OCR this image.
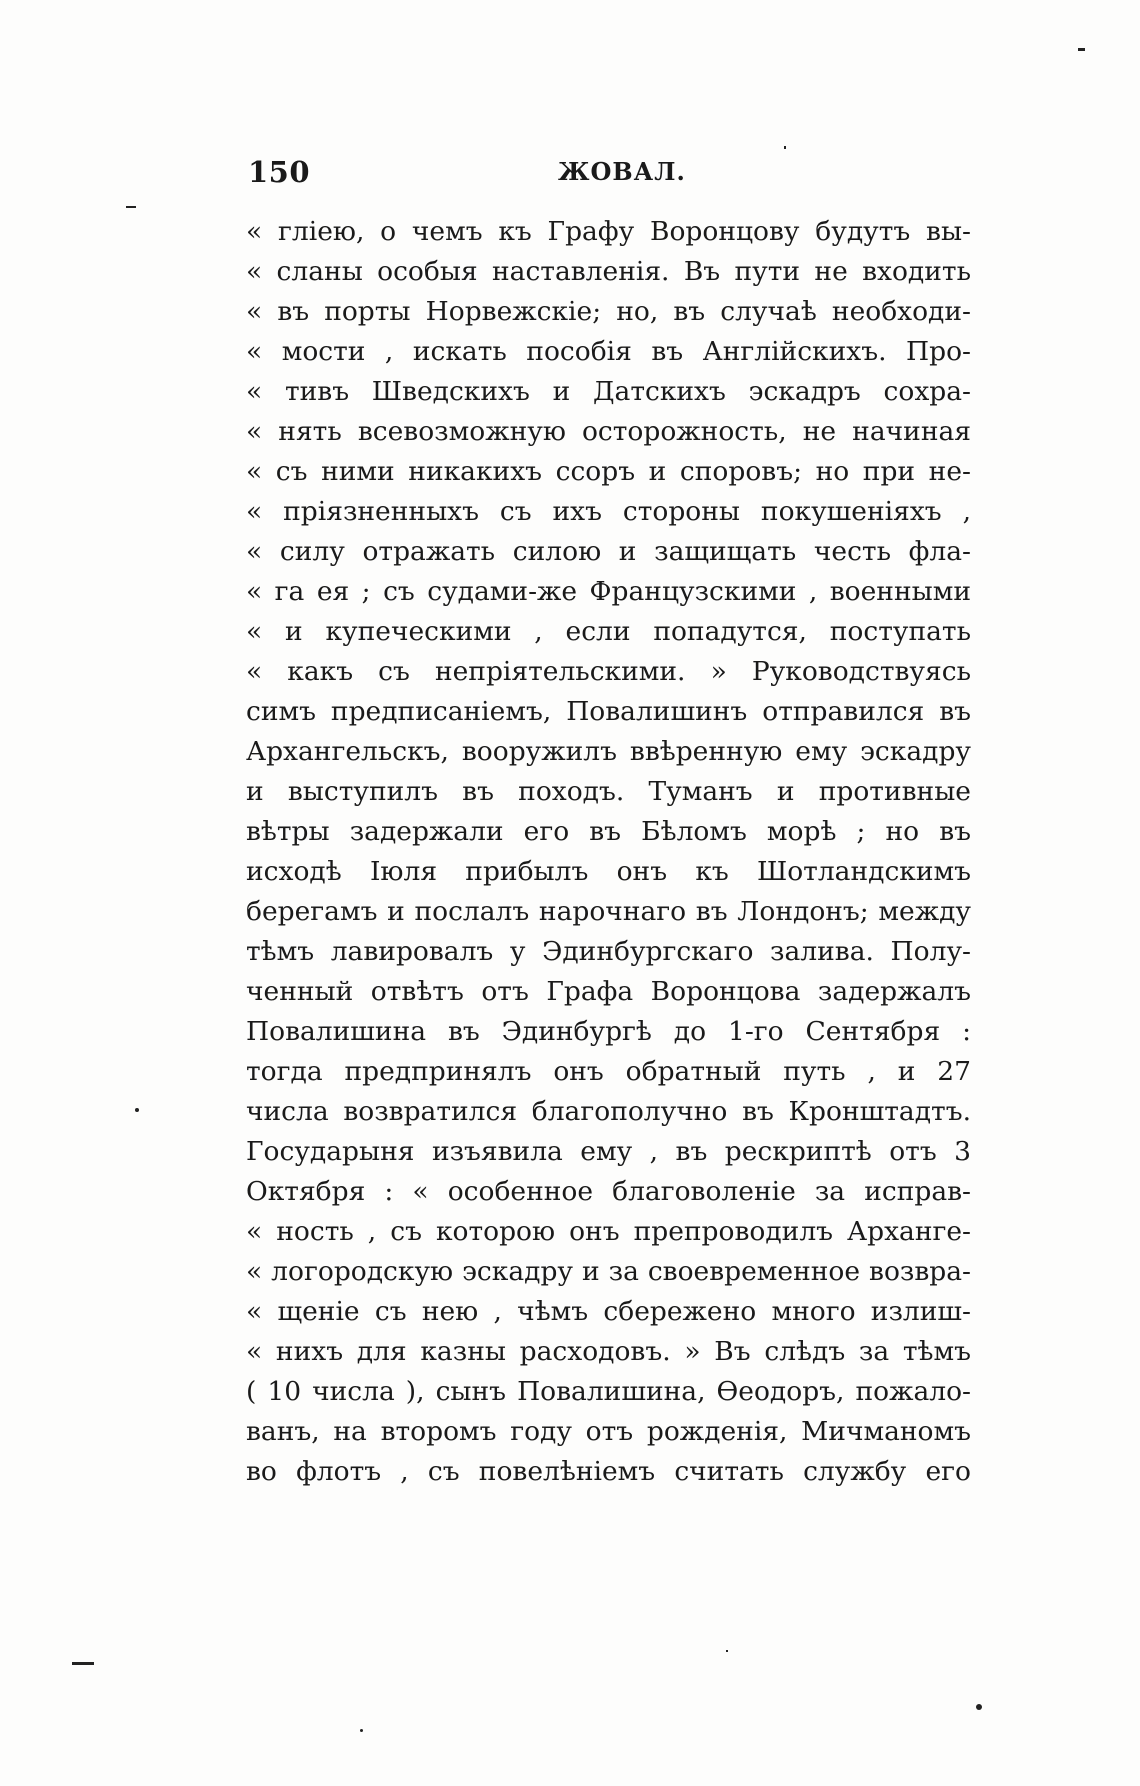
150	ЖОВАЛ.
« гліею, о чемъ къ Графу Воронцову будутъ вы-
« сланы особыя наставленія. Въ пути не входить
« въ порты Норвежскіе; но, въ случаѣ необходи-
« мости , искать пособія въ Англійскихъ. Про-
« тивъ Шведскихъ и Датскихъ эскадръ сохра-
« нять всевозможную осторожность, не начиная
« съ ними никакихъ ссоръ и споровъ; но при не-
« пріязненныхъ съ ихъ стороны покушеніяхъ ,
« силу отражать силою и защищать честь фла-
« га ея ; съ судами-же Французскими , военными
« и купеческими , если попадутся, поступать
« какъ съ непріятельскими. » Руководствуясь
симъ предписаніемъ, Повалишинъ отправился въ
Архангельскъ, вооружилъ ввѣренную ему эскадру
и выступилъ въ походъ. Туманъ и противные
вѣтры задержали его въ Бѣломъ морѣ ; но въ
исходѣ Іюля прибылъ онъ къ Шотландскимъ
берегамъ и послалъ нарочнаго въ Лондонъ; между
тѣмъ лавировалъ у Эдинбургскаго залива. Полу-
ченный отвѣтъ отъ Графа Воронцова задержалъ
Повалишина въ Эдинбургѣ до 1-го Сентября :
тогда предпринялъ онъ обратный путь , и 27
числа возвратился благополучно въ Кронштадтъ.
Государыня изъявила ему , въ рескриптѣ отъ 3
Октября : « особенное благоволеніе за исправ-
« ность , съ которою онъ препроводилъ Архангe-
« логородскую эскадру и за своевременное возвра-
« щеніе съ нею , чѣмъ сбережено много излиш-
« нихъ для казны расходовъ. » Въ слѣдъ за тѣмъ
( 10 числа ), сынъ Повалишина, Ѳеодоръ, пожало-
ванъ, на второмъ году отъ рожденія, Мичманомъ
во флотъ , съ повелѣніемъ считать службу его
